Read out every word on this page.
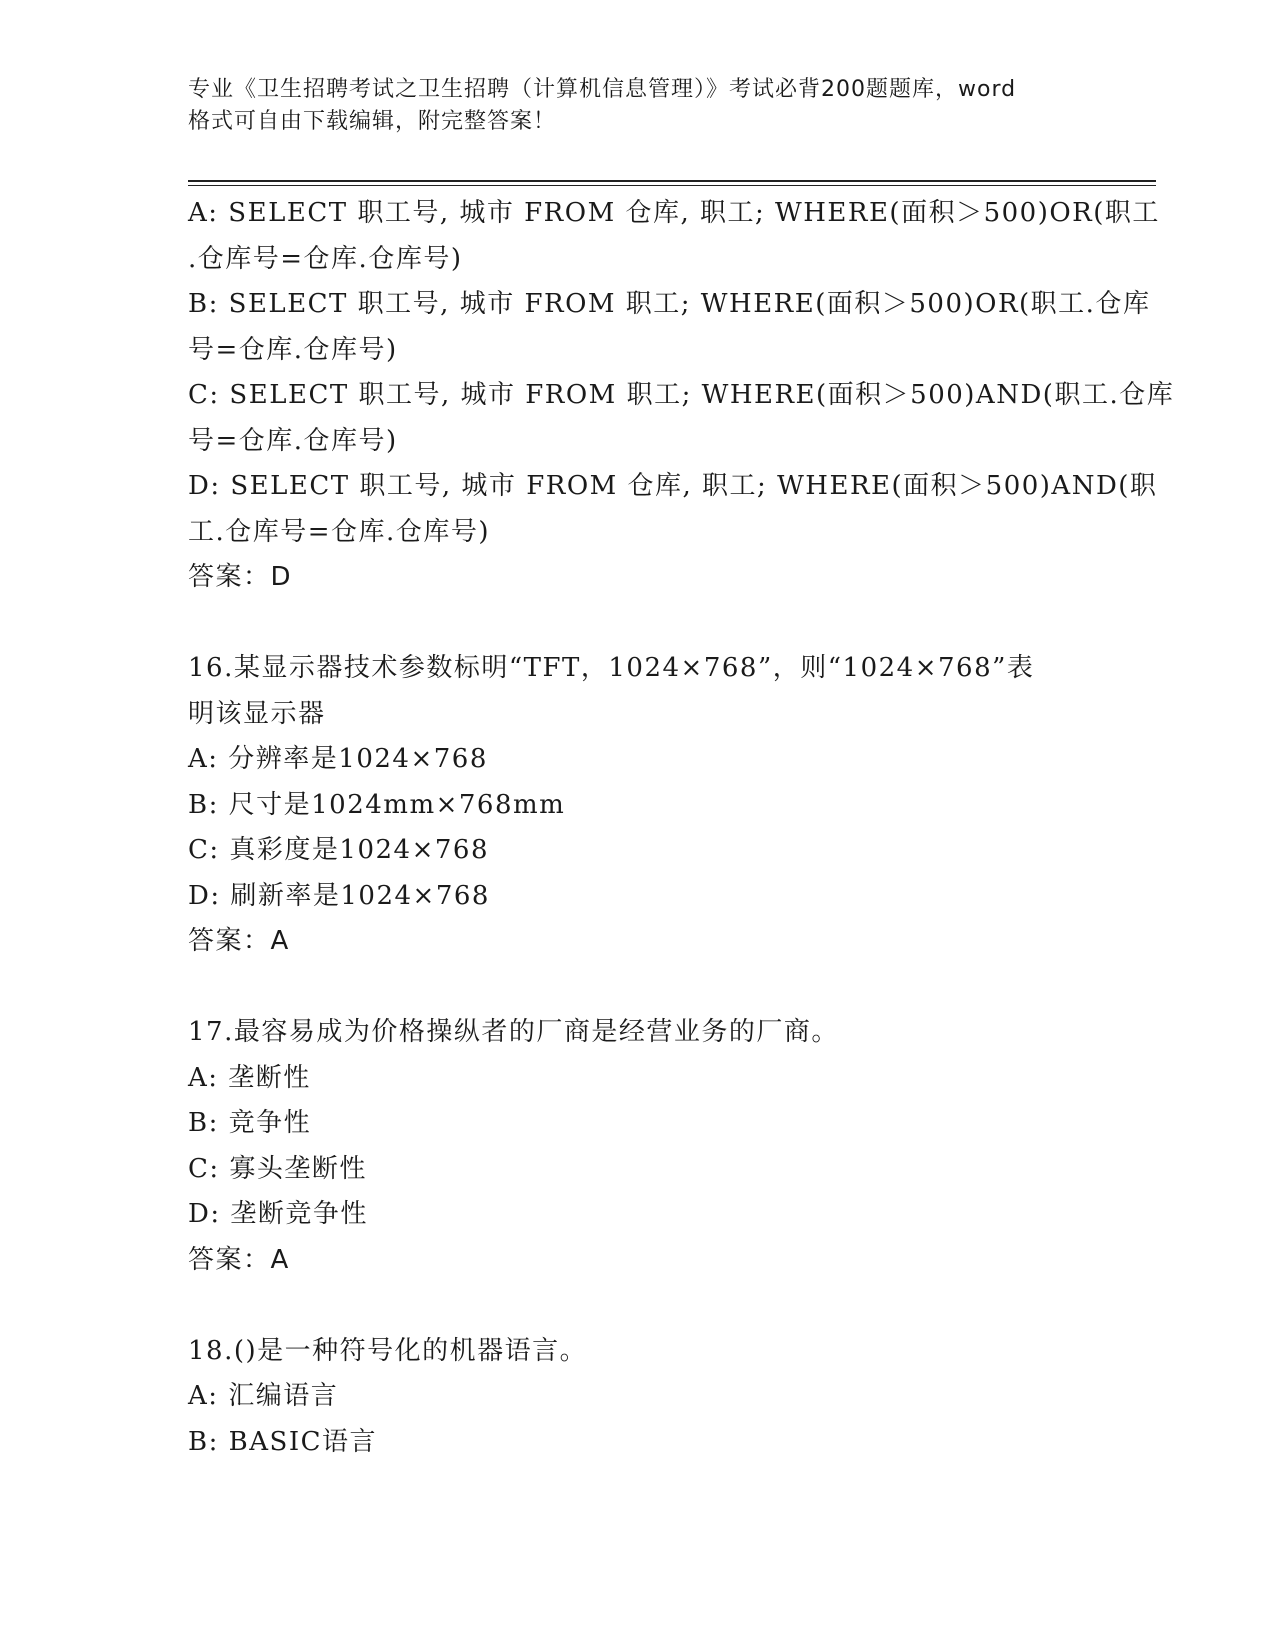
专业《卫生招聘考试之卫生招聘（计算机信息管理）》考试必背200题题库，word
格式可自由下载编辑，附完整答案！
A: SELECT 职工号, 城市 FROM 仓库, 职工; WHERE(面积＞500)OR(职工
.仓库号=仓库.仓库号)
B: SELECT 职工号, 城市 FROM 职工; WHERE(面积＞500)OR(职工.仓库
号=仓库.仓库号)
C: SELECT 职工号, 城市 FROM 职工; WHERE(面积＞500)AND(职工.仓库
号=仓库.仓库号)
D: SELECT 职工号, 城市 FROM 仓库, 职工; WHERE(面积＞500)AND(职
工.仓库号=仓库.仓库号)
答案：D
16.某显示器技术参数标明“TFT，1024×768”，则“1024×768”表
明该显示器
A: 分辨率是1024×768
B: 尺寸是1024mm×768mm
C: 真彩度是1024×768
D: 刷新率是1024×768
答案：A
17.最容易成为价格操纵者的厂商是经营业务的厂商。
A: 垄断性
B: 竞争性
C: 寡头垄断性
D: 垄断竞争性
答案：A
18.()是一种符号化的机器语言。
A: 汇编语言
B: BASIC语言
